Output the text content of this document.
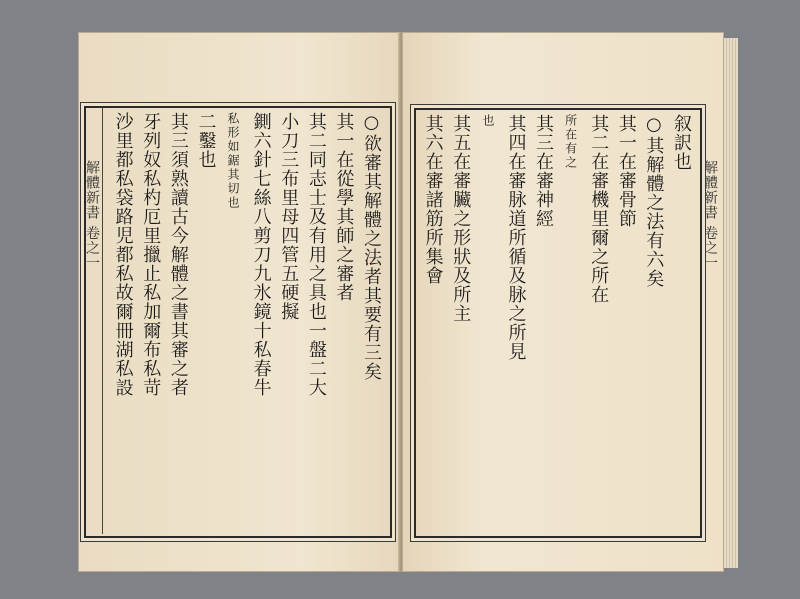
解體新書 卷之一	○欲審其解體之法者其要有三矣
其一在從學其師之審者
其二同志士及有用之具也一盤二大
小刀三布里母四管五硬擬
鍘六針七絲八剪刀九氷鏡十私春牛
私形如鋸其切也
二鑿也
其三須熟讀古今解體之書其審之者
牙列奴私杓厄里擸止私加爾布私苛
沙里都私袋路児都私故爾冊湖私設	解體新書 卷之一
叙訳也
○其解體之法有六矣
其一在審骨節
其二在審機里爾之所在
所在有之
其三在審神經
其四在審脉道所循及脉之所見
也
其五在審臟之形狀及所主
其六在審諸筋所集會
